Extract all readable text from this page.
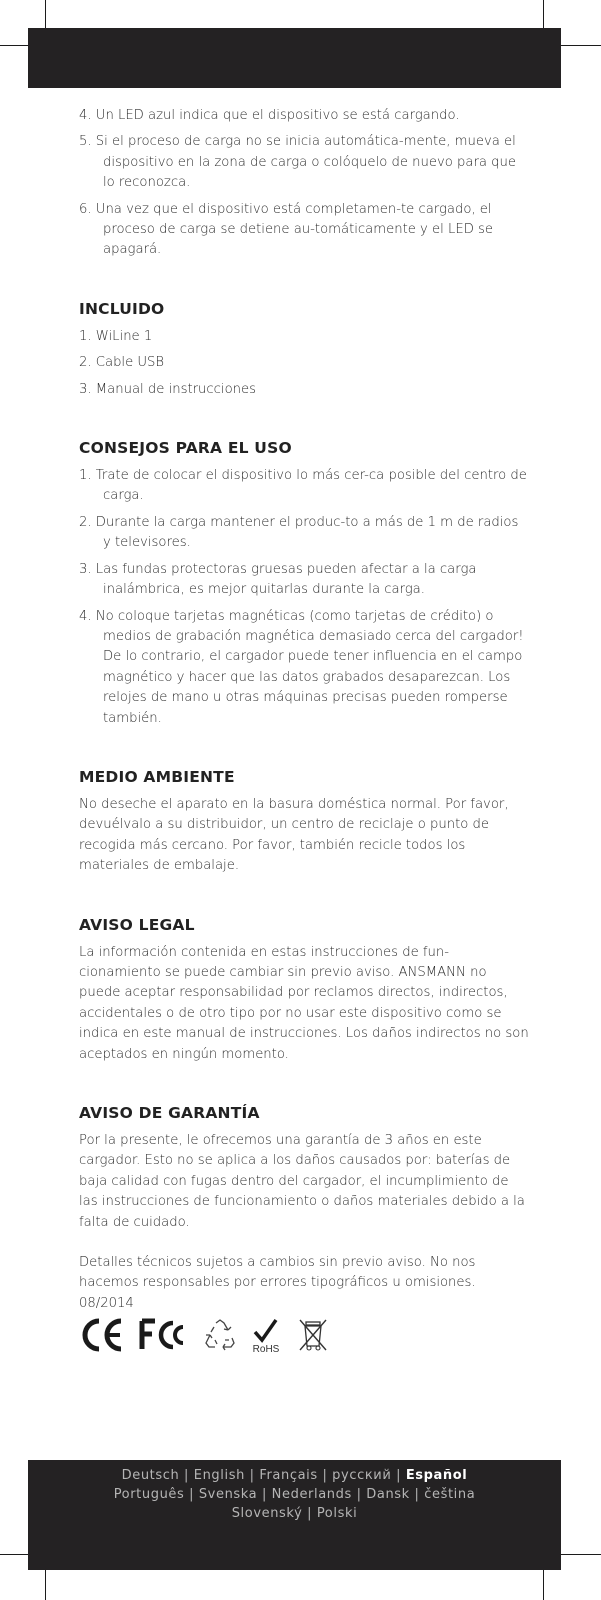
4. Un LED azul indica que el dispositivo se está cargando.
5. Si el proceso de carga no se inicia automática-mente, mueva el dispositivo en la zona de carga o colóquelo de nuevo para que lo reconozca.
6. Una vez que el dispositivo está completamen-te cargado, el proceso de carga se detiene au-tomáticamente y el LED se apagará.
INCLUIDO
1. WiLine 1
2. Cable USB
3. Manual de instrucciones
CONSEJOS PARA EL USO
1. Trate de colocar el dispositivo lo más cer-ca posible del centro de carga.
2. Durante la carga mantener el produc-to a más de 1 m de radios y televisores.
3. Las fundas protectoras gruesas pueden afectar a la carga inalámbrica, es mejor quitarlas durante la carga.
4. No coloque tarjetas magnéticas (como tarjetas de crédito) o medios de grabación magnética demasiado cerca del cargador! De lo contrario, el cargador puede tener influencia en el campo magnético y hacer que las datos grabados desaparezcan. Los relojes de mano u otras máquinas precisas pueden romperse también.
MEDIO AMBIENTE

No deseche el aparato en la basura doméstica normal. Por favor, devuélvalo a su distribuidor, un centro de reciclaje o punto de recogida más cercano. Por favor, también recicle todos los materiales de embalaje.

AVISO LEGAL

La información contenida en estas instrucciones de fun-cionamiento se puede cambiar sin previo aviso. ANSMANN no puede aceptar responsabilidad por reclamos directos, indirectos, accidentales o de otro tipo por no usar este dispositivo como se indica en este manual de instrucciones. Los daños indirectos no son aceptados en ningún momento.

AVISO DE GARANTÍA

Por la presente, le ofrecemos una garantía de 3 años en este cargador. Esto no se aplica a los daños causados por: baterías de baja calidad con fugas dentro del cargador, el incumplimiento de las instrucciones de funcionamiento o daños materiales debido a la falta de cuidado.

Detalles técnicos sujetos a cambios sin previo aviso. No nos hacemos responsables por errores tipográficos u omisiones.

08/2014

RoHS
Deutsch | English | Français | русский | Español
Português | Svenska | Nederlands | Dansk | čeština
Slovenský | Polski
